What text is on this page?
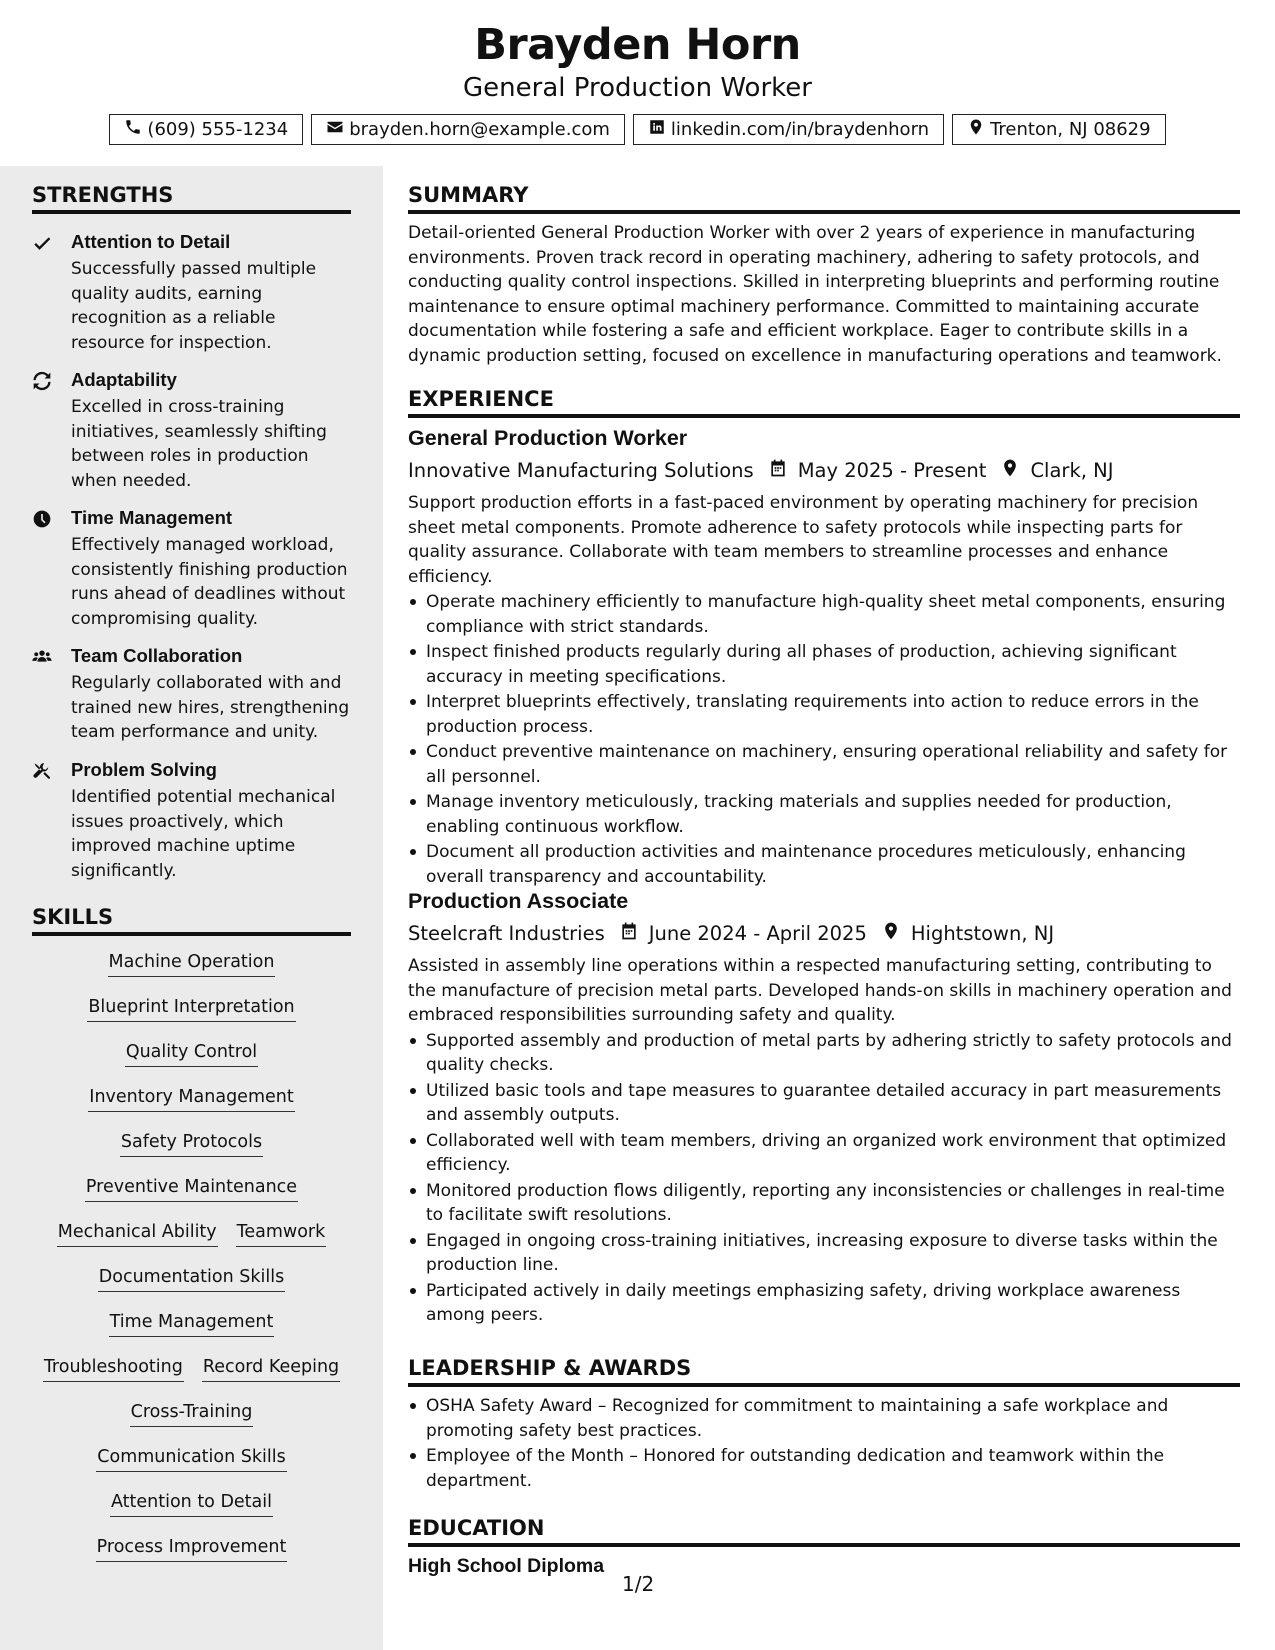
Brayden Horn
General Production Worker
(609) 555-1234	brayden.horn@example.com	linkedin.com/in/braydenhorn	Trenton, NJ 08629
STRENGTHS
Attention to Detail
Successfully passed multiple quality audits, earning recognition as a reliable resource for inspection.
Adaptability
Excelled in cross-training initiatives, seamlessly shifting between roles in production when needed.
Time Management
Effectively managed workload, consistently finishing production runs ahead of deadlines without compromising quality.
Team Collaboration
Regularly collaborated with and trained new hires, strengthening team performance and unity.
Problem Solving
Identified potential mechanical issues proactively, which improved machine uptime significantly.
SKILLS
Machine Operation
Blueprint Interpretation
Quality Control
Inventory Management
Safety Protocols
Preventive Maintenance
Mechanical Ability Teamwork
Documentation Skills
Time Management
Troubleshooting Record Keeping
Cross-Training
Communication Skills
Attention to Detail
Process Improvement
SUMMARY
Detail-oriented General Production Worker with over 2 years of experience in manufacturing environments. Proven track record in operating machinery, adhering to safety protocols, and conducting quality control inspections. Skilled in interpreting blueprints and performing routine maintenance to ensure optimal machinery performance. Committed to maintaining accurate documentation while fostering a safe and efficient workplace. Eager to contribute skills in a dynamic production setting, focused on excellence in manufacturing operations and teamwork.
EXPERIENCE
General Production Worker
Innovative Manufacturing Solutions May 2025 - Present Clark, NJ
Support production efforts in a fast-paced environment by operating machinery for precision sheet metal components. Promote adherence to safety protocols while inspecting parts for quality assurance. Collaborate with team members to streamline processes and enhance efficiency.
Operate machinery efficiently to manufacture high-quality sheet metal components, ensuring compliance with strict standards.
Inspect finished products regularly during all phases of production, achieving significant accuracy in meeting specifications.
Interpret blueprints effectively, translating requirements into action to reduce errors in the production process.
Conduct preventive maintenance on machinery, ensuring operational reliability and safety for all personnel.
Manage inventory meticulously, tracking materials and supplies needed for production, enabling continuous workflow.
Document all production activities and maintenance procedures meticulously, enhancing overall transparency and accountability.
Production Associate
Steelcraft Industries June 2024 - April 2025 Hightstown, NJ
Assisted in assembly line operations within a respected manufacturing setting, contributing to the manufacture of precision metal parts. Developed hands-on skills in machinery operation and embraced responsibilities surrounding safety and quality.
Supported assembly and production of metal parts by adhering strictly to safety protocols and quality checks.
Utilized basic tools and tape measures to guarantee detailed accuracy in part measurements and assembly outputs.
Collaborated well with team members, driving an organized work environment that optimized efficiency.
Monitored production flows diligently, reporting any inconsistencies or challenges in real-time to facilitate swift resolutions.
Engaged in ongoing cross-training initiatives, increasing exposure to diverse tasks within the production line.
Participated actively in daily meetings emphasizing safety, driving workplace awareness among peers.
LEADERSHIP & AWARDS
OSHA Safety Award – Recognized for commitment to maintaining a safe workplace and promoting safety best practices.
Employee of the Month – Honored for outstanding dedication and teamwork within the department.
EDUCATION
High School Diploma
1/2
